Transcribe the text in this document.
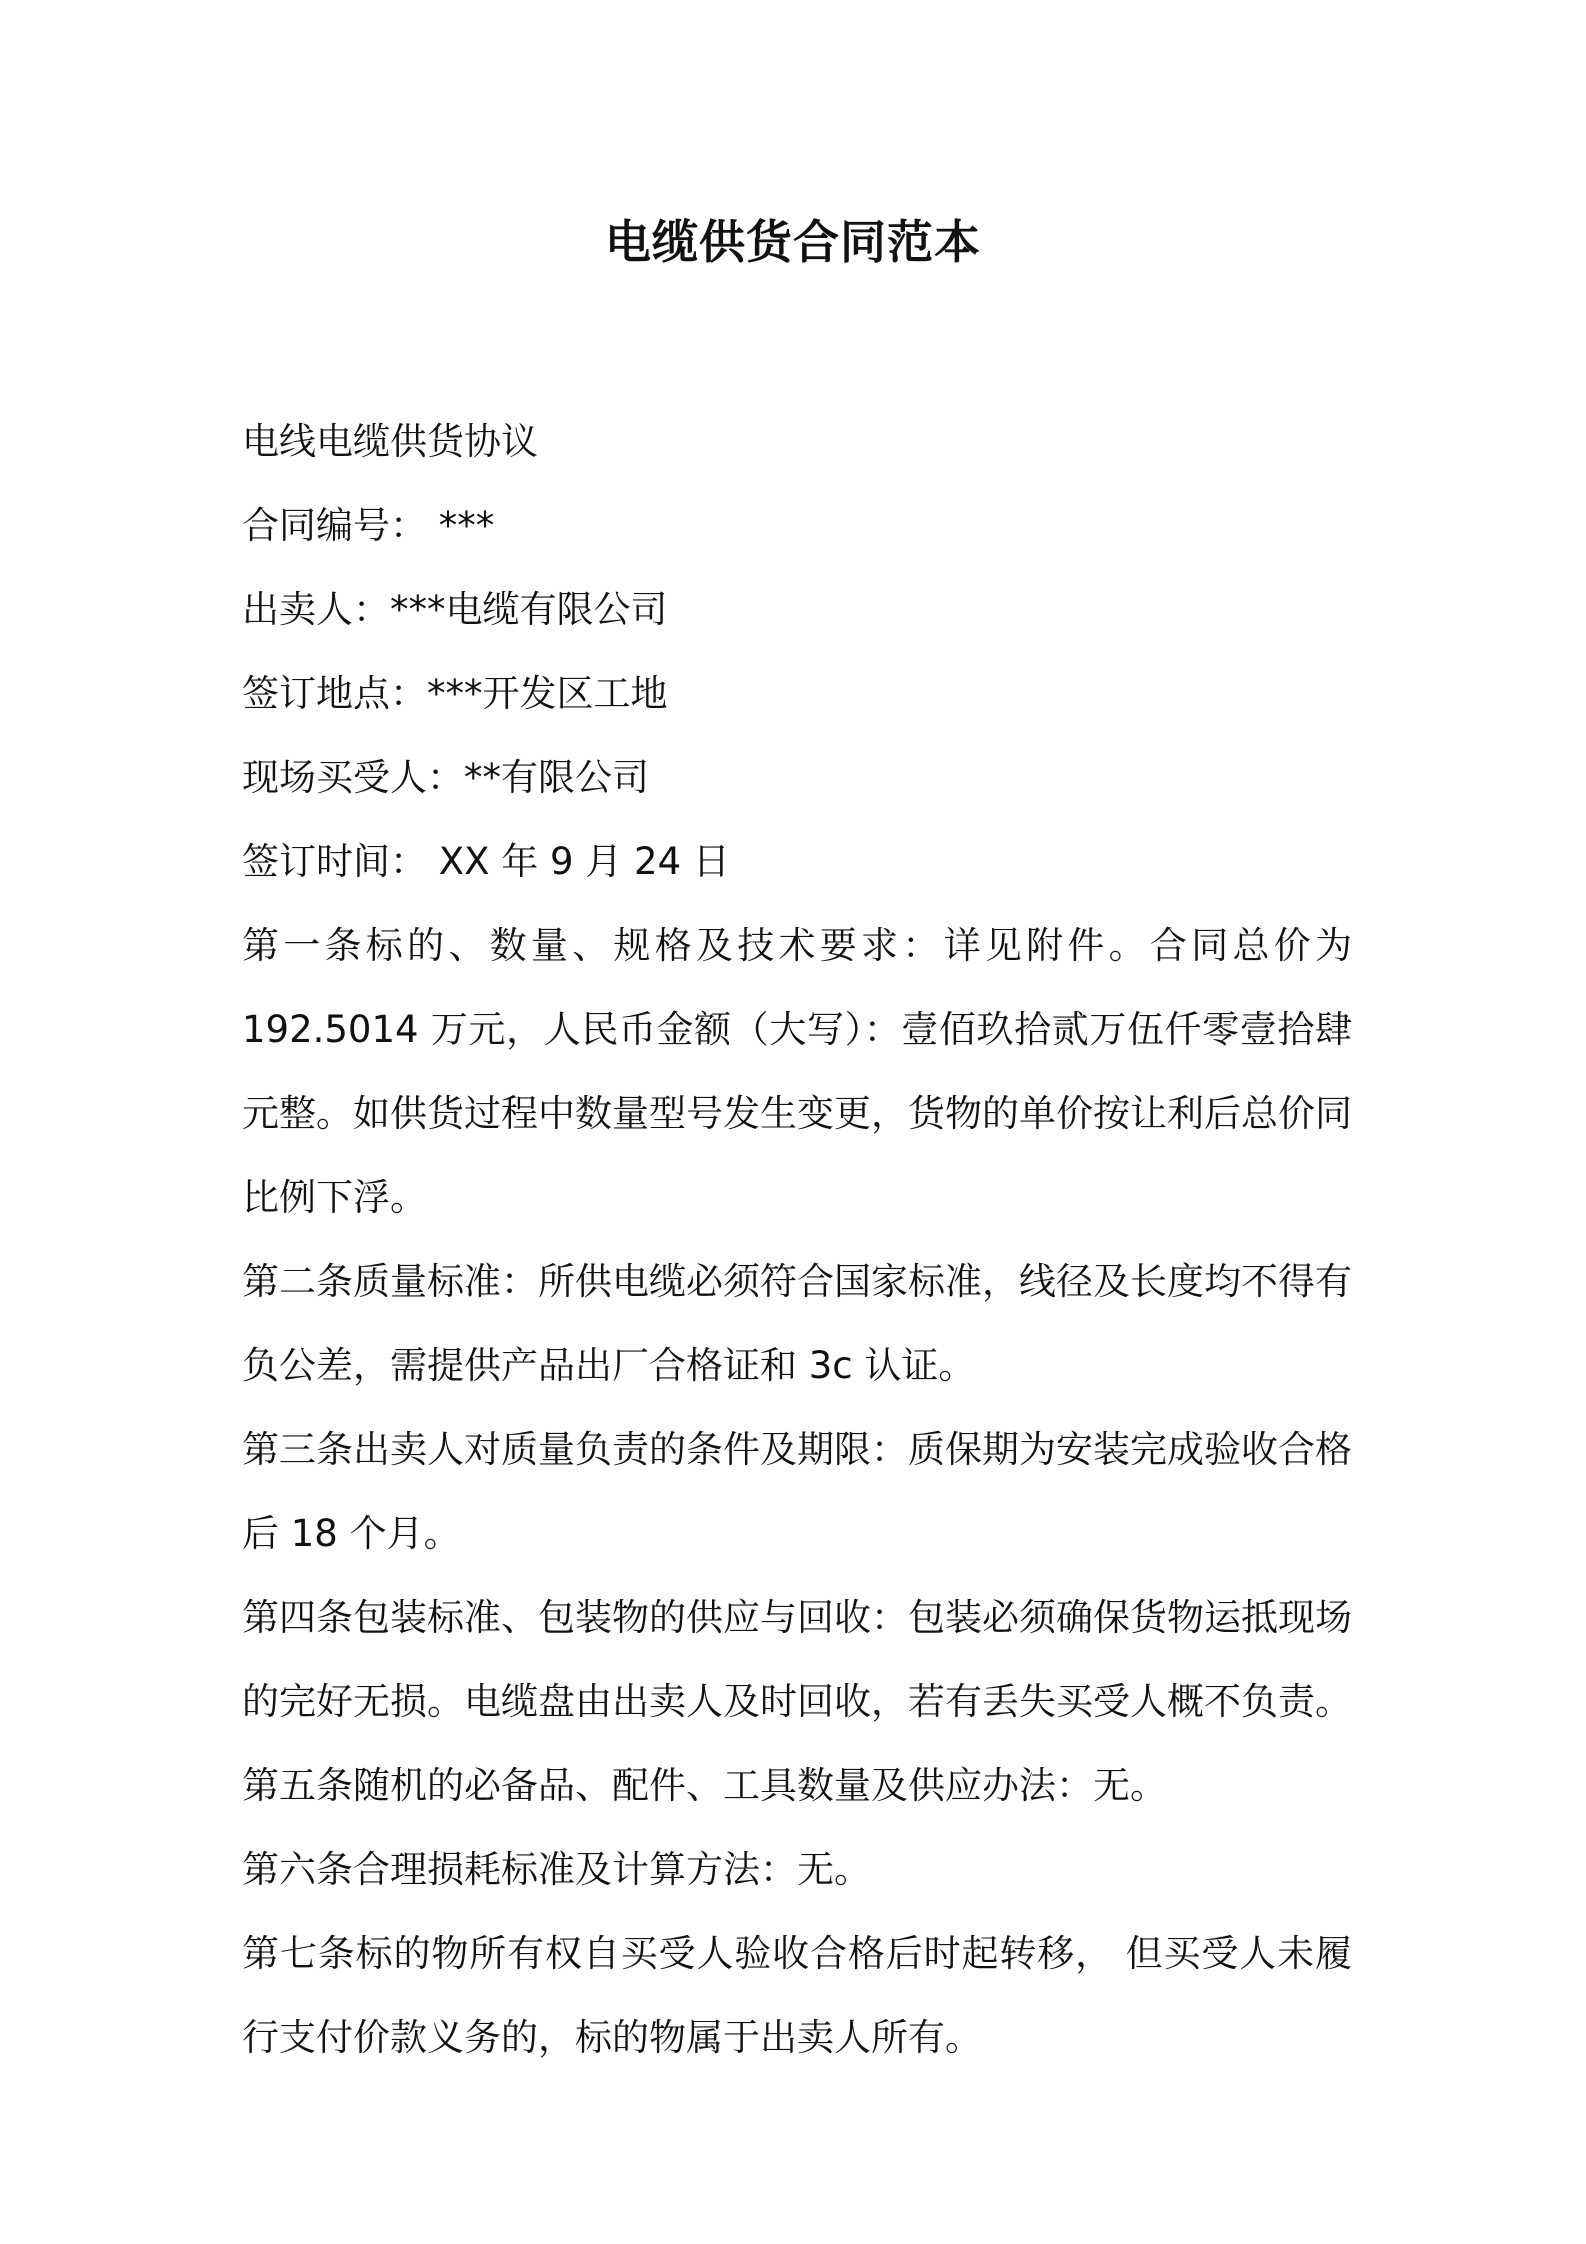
电缆供货合同范本

电线电缆供货协议

合同编号： ***

出卖人：***电缆有限公司

签订地点：***开发区工地

现场买受人：**有限公司

签订时间： XX 年 9 月 24 日

第一条标的、数量、规格及技术要求：详见附件。合同总价为 192.5014 万元，人民币金额（大写）：壹佰玖拾贰万伍仟零壹拾肆元整。如供货过程中数量型号发生变更，货物的单价按让利后总价同比例下浮。

第二条质量标准：所供电缆必须符合国家标准，线径及长度均不得有负公差，需提供产品出厂合格证和 3c 认证。

第三条出卖人对质量负责的条件及期限：质保期为安装完成验收合格后 18 个月。

第四条包装标准、包装物的供应与回收：包装必须确保货物运抵现场的完好无损。电缆盘由出卖人及时回收，若有丢失买受人概不负责。

第五条随机的必备品、配件、工具数量及供应办法：无。

第六条合理损耗标准及计算方法：无。

第七条标的物所有权自买受人验收合格后时起转移， 但买受人未履行支付价款义务的，标的物属于出卖人所有。
